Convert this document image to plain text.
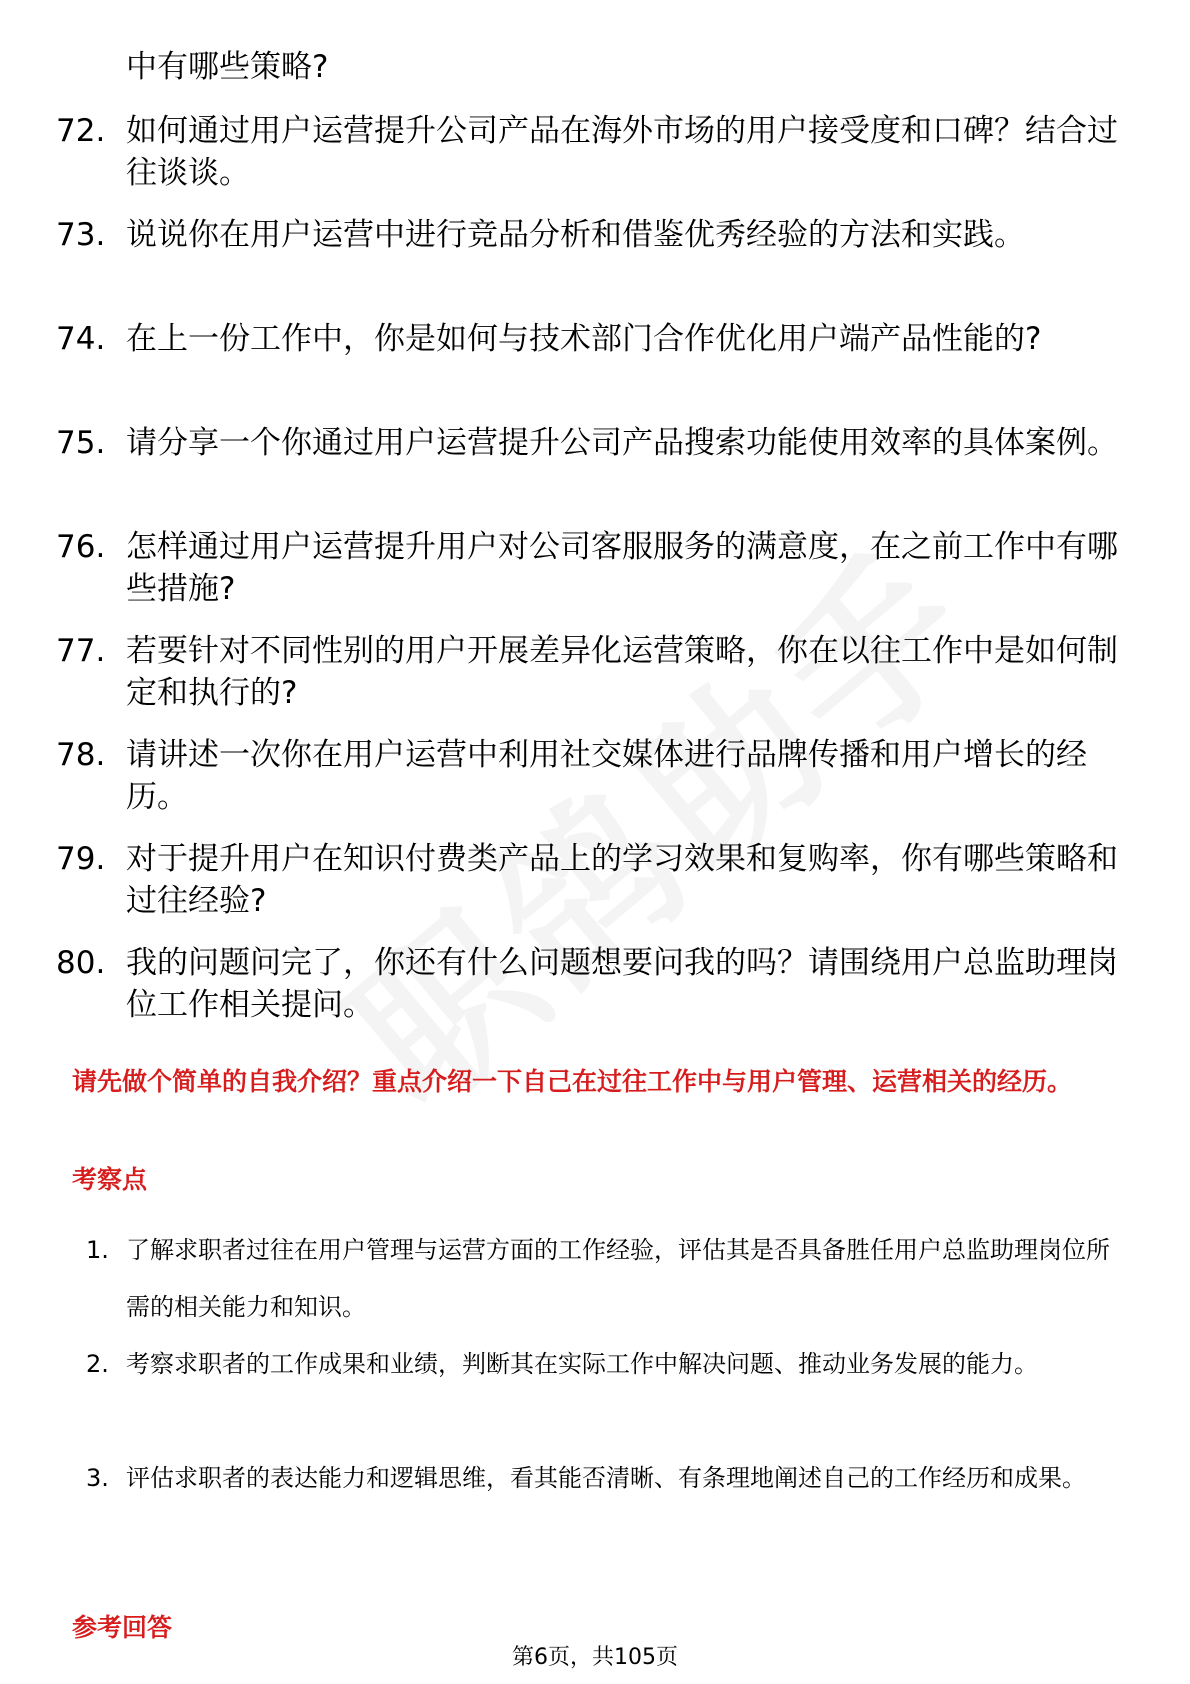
中有哪些策略?
72. 如何通过用户运营提升公司产品在海外市场的用户接受度和口碑？结合过往谈谈。
73. 说说你在用户运营中进行竞品分析和借鉴优秀经验的方法和实践。
74. 在上一份工作中，你是如何与技术部门合作优化用户端产品性能的?
75. 请分享一个你通过用户运营提升公司产品搜索功能使用效率的具体案例。
76. 怎样通过用户运营提升用户对公司客服服务的满意度，在之前工作中有哪些措施?
77. 若要针对不同性别的用户开展差异化运营策略，你在以往工作中是如何制定和执行的?
78. 请讲述一次你在用户运营中利用社交媒体进行品牌传播和用户增长的经历。
79. 对于提升用户在知识付费类产品上的学习效果和复购率，你有哪些策略和过往经验?
80. 我的问题问完了，你还有什么问题想要问我的吗？请围绕用户总监助理岗位工作相关提问。
请先做个简单的自我介绍？重点介绍一下自己在过往工作中与用户管理、运营相关的经历。
考察点
1. 了解求职者过往在用户管理与运营方面的工作经验，评估其是否具备胜任用户总监助理岗位所需的相关能力和知识。
2. 考察求职者的工作成果和业绩，判断其在实际工作中解决问题、推动业务发展的能力。
3. 评估求职者的表达能力和逻辑思维，看其能否清晰、有条理地阐述自己的工作经历和成果。
参考回答
第6页，共105页
